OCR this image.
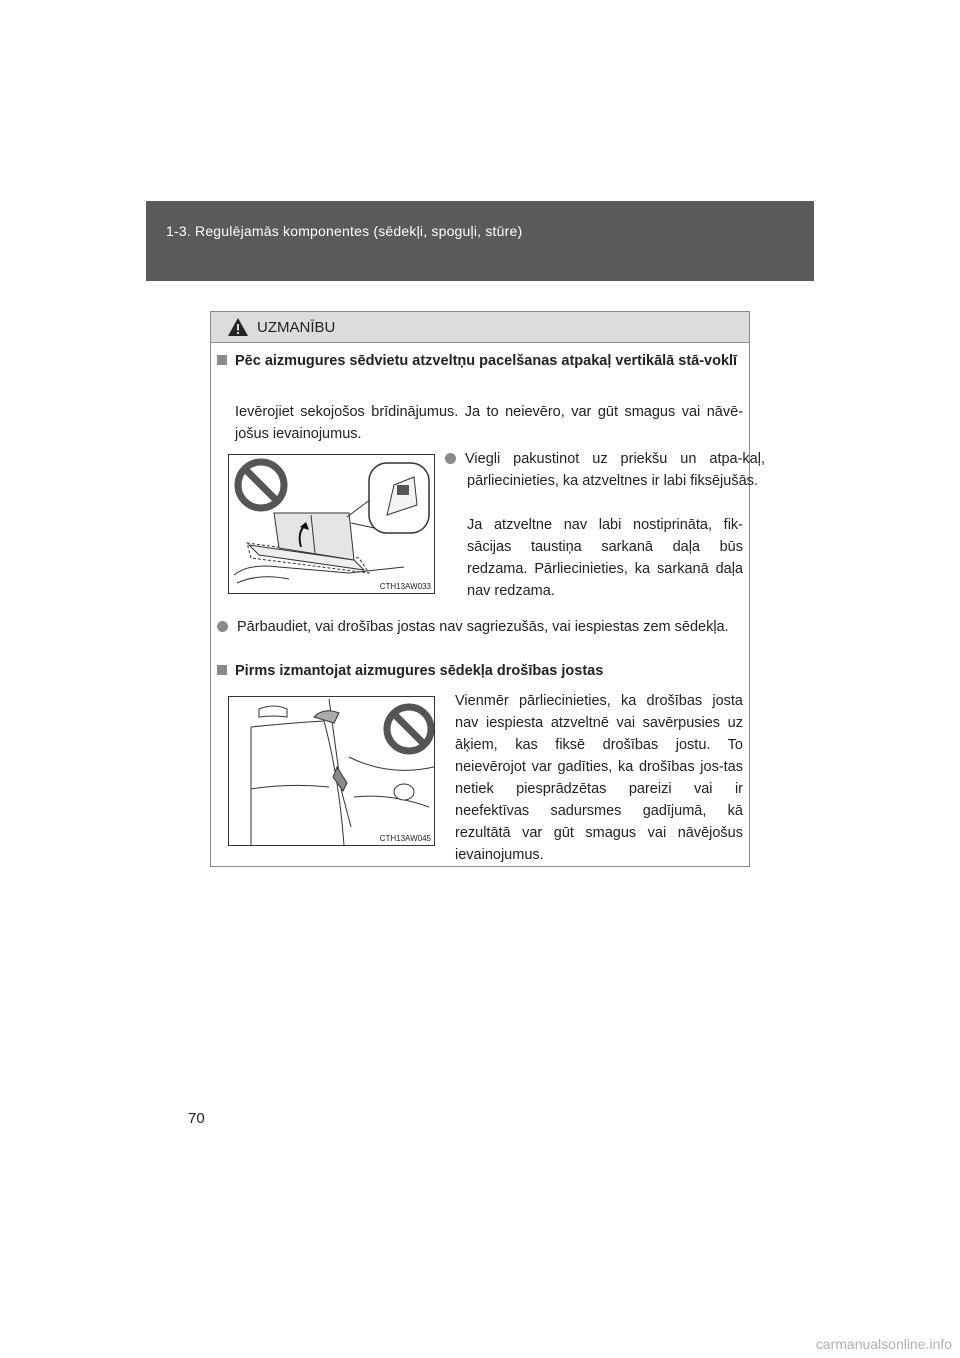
1-3. Regulējamās komponentes (sēdekļi, spoguļi, stūre)
UZMANĪBU
Pēc aizmugures sēdvietu atzveltņu pacelšanas atpakaļ vertikālā stā-voklī
Ievērojiet sekojošos brīdinājumus. Ja to neievēro, var gūt smagus vai nāvē-jošus ievainojumus.
CTH13AW033
Viegli pakustinot uz priekšu un atpa-kaļ, pārliecinieties, ka atzveltnes ir labi fiksējušās.
Ja atzveltne nav labi nostiprināta, fik-sācijas taustiņa sarkanā daļa būs redzama. Pārliecinieties, ka sarkanā daļa nav redzama.
Pārbaudiet, vai drošības jostas nav sagriezušās, vai iespiestas zem sēdekļa.
Pirms izmantojat aizmugures sēdekļa drošības jostas
CTH13AW045
Vienmēr pārliecinieties, ka drošības josta nav iespiesta atzveltnē vai savērpusies uz āķiem, kas fiksē drošības jostu. To neievērojot var gadīties, ka drošības jos-tas netiek piesprādzētas pareizi vai ir neefektīvas sadursmes gadījumā, kā rezultātā var gūt smagus vai nāvējošus ievainojumus.
70
carmanualsonline.info
